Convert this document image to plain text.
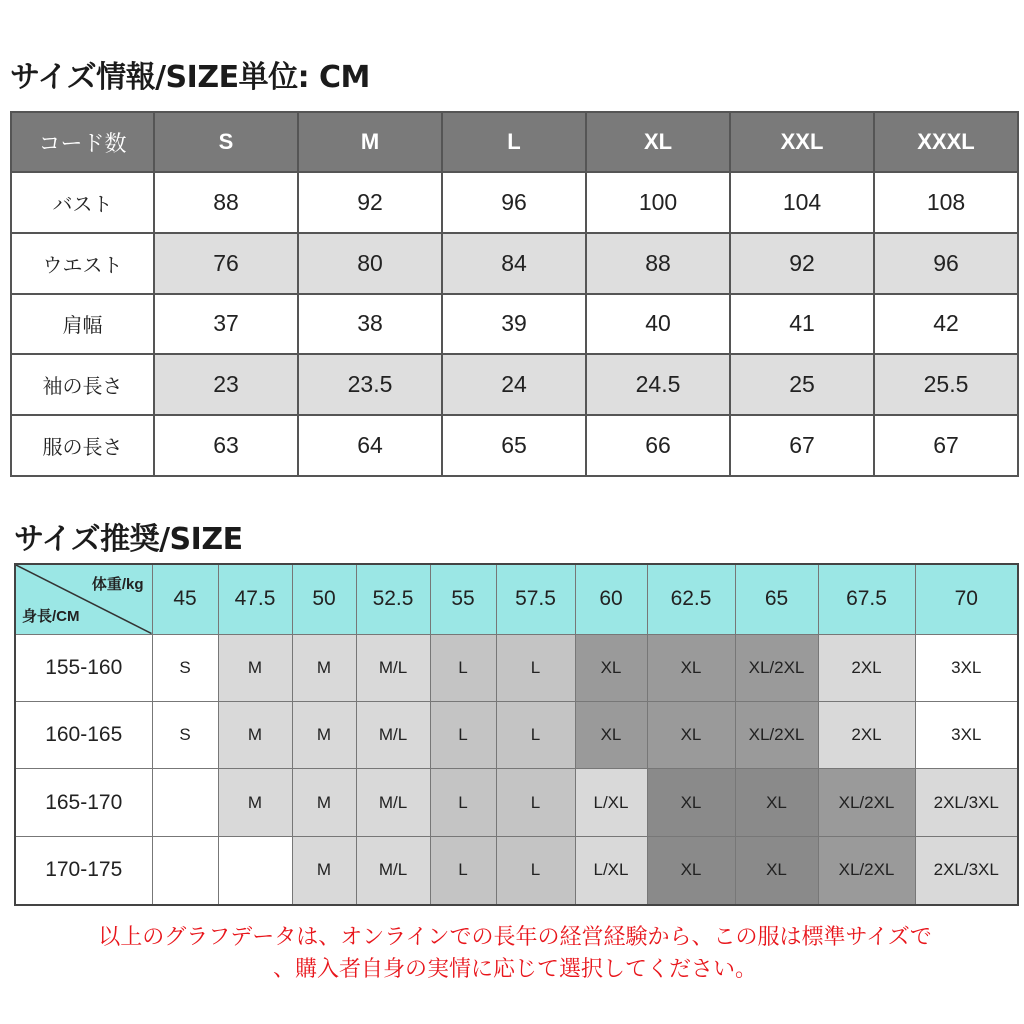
サイズ情報/SIZE単位: CM
コード数	S	M	L	XL	XXL	XXXL
バスト	88	92	96	100	104	108
ウエスト	76	80	84	88	92	96
肩幅	37	38	39	40	41	42
袖の長さ	23	23.5	24	24.5	25	25.5
服の長さ	63	64	65	66	67	67
サイズ推奨/SIZE
体重/kg
身長/CM	45	47.5	50	52.5	55	57.5	60	62.5	65	67.5	70
155-160	S	M	M	M/L	L	L	XL	XL	XL/2XL	2XL	3XL
160-165	S	M	M	M/L	L	L	XL	XL	XL/2XL	2XL	3XL
165-170		M	M	M/L	L	L	L/XL	XL	XL	XL/2XL	2XL/3XL
170-175			M	M/L	L	L	L/XL	XL	XL	XL/2XL	2XL/3XL
以上のグラフデータは、オンラインでの長年の経営経験から、この服は標準サイズで
、購入者自身の実情に応じて選択してください。
